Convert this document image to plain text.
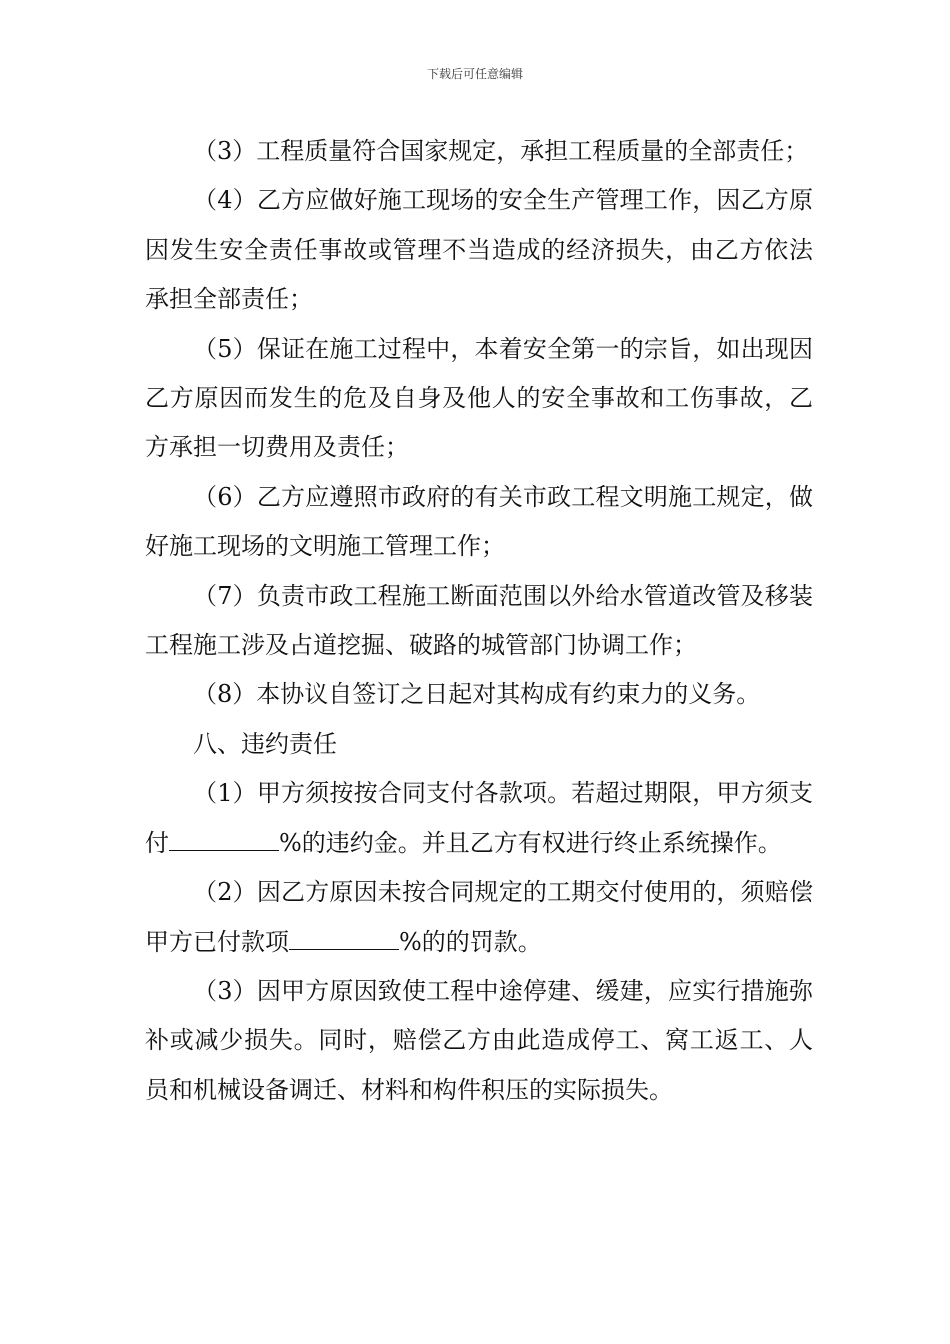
下载后可任意编辑

（3）工程质量符合国家规定，承担工程质量的全部责任；

（4）乙方应做好施工现场的安全生产管理工作，因乙方原因发生安全责任事故或管理不当造成的经济损失，由乙方依法承担全部责任；

（5）保证在施工过程中，本着安全第一的宗旨，如出现因乙方原因而发生的危及自身及他人的安全事故和工伤事故，乙方承担一切费用及责任；

（6）乙方应遵照市政府的有关市政工程文明施工规定，做好施工现场的文明施工管理工作；

（7）负责市政工程施工断面范围以外给水管道改管及移装工程施工涉及占道挖掘、破路的城管部门协调工作；

（8）本协议自签订之日起对其构成有约束力的义务。

八、违约责任

（1）甲方须按按合同支付各款项。若超过期限，甲方须支付	%的违约金。并且乙方有权进行终止系统操作。

（2）因乙方原因未按合同规定的工期交付使用的，须赔偿甲方已付款项	%的的罚款。

（3）因甲方原因致使工程中途停建、缓建，应实行措施弥补或减少损失。同时，赔偿乙方由此造成停工、窝工返工、人员和机械设备调迁、材料和构件积压的实际损失。
